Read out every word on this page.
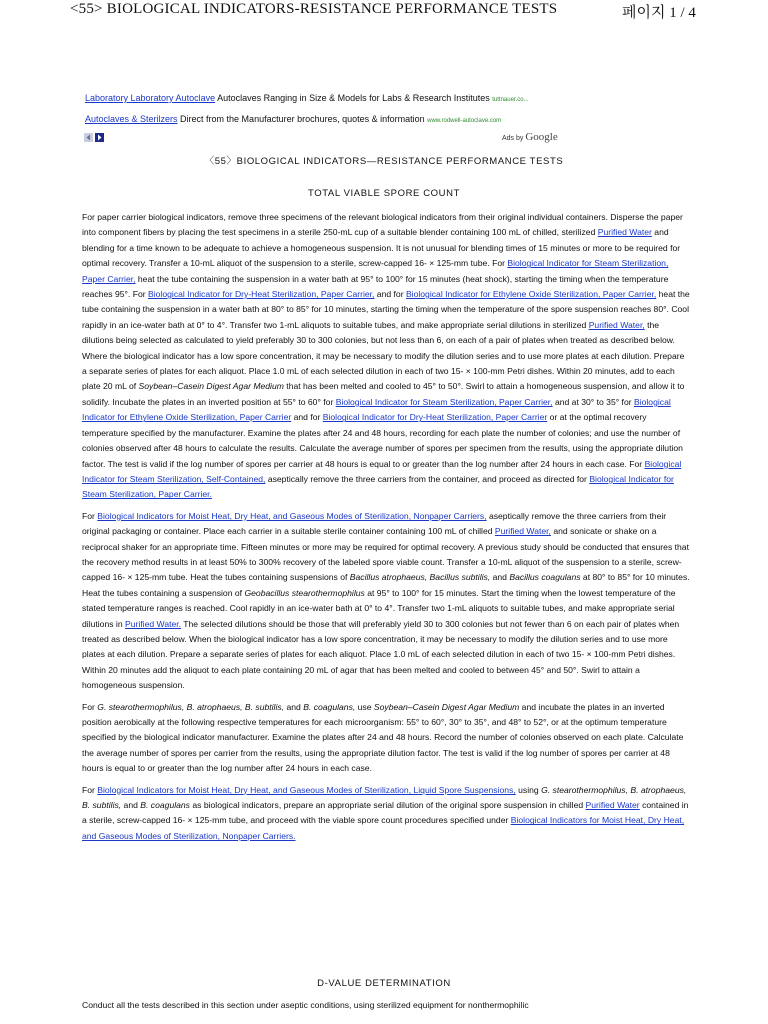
<55> BIOLOGICAL INDICATORS-RESISTANCE PERFORMANCE TESTS	페이지 1 / 4
Laboratory Laboratory Autoclave Autoclaves Ranging in Size & Models for Labs & Research Institutes tuttnauer.co...
Autoclaves & Sterilzers Direct from the Manufacturer brochures, quotes & information www.rodwell-autoclave.com
Ads by Google
〈55〉BIOLOGICAL INDICATORS—RESISTANCE PERFORMANCE TESTS
TOTAL VIABLE SPORE COUNT

For paper carrier biological indicators, remove three specimens of the relevant biological indicators from their original individual containers. Disperse the paper into component fibers by placing the test specimens in a sterile 250-mL cup of a suitable blender containing 100 mL of chilled, sterilized Purified Water and blending for a time known to be adequate to achieve a homogeneous suspension. It is not unusual for blending times of 15 minutes or more to be required for optimal recovery. Transfer a 10-mL aliquot of the suspension to a sterile, screw-capped 16- × 125-mm tube. For Biological Indicator for Steam Sterilization, Paper Carrier, heat the tube containing the suspension in a water bath at 95° to 100° for 15 minutes (heat shock), starting the timing when the temperature reaches 95°. For Biological Indicator for Dry-Heat Sterilization, Paper Carrier, and for Biological Indicator for Ethylene Oxide Sterilization, Paper Carrier, heat the tube containing the suspension in a water bath at 80° to 85° for 10 minutes, starting the timing when the temperature of the spore suspension reaches 80°. Cool rapidly in an ice-water bath at 0° to 4°. Transfer two 1-mL aliquots to suitable tubes, and make appropriate serial dilutions in sterilized Purified Water, the dilutions being selected as calculated to yield preferably 30 to 300 colonies, but not less than 6, on each of a pair of plates when treated as described below. Where the biological indicator has a low spore concentration, it may be necessary to modify the dilution series and to use more plates at each dilution. Prepare a separate series of plates for each aliquot. Place 1.0 mL of each selected dilution in each of two 15- × 100-mm Petri dishes. Within 20 minutes, add to each plate 20 mL of Soybean–Casein Digest Agar Medium that has been melted and cooled to 45° to 50°. Swirl to attain a homogeneous suspension, and allow it to solidify. Incubate the plates in an inverted position at 55° to 60° for Biological Indicator for Steam Sterilization, Paper Carrier, and at 30° to 35° for Biological Indicator for Ethylene Oxide Sterilization, Paper Carrier and for Biological Indicator for Dry-Heat Sterilization, Paper Carrier or at the optimal recovery temperature specified by the manufacturer. Examine the plates after 24 and 48 hours, recording for each plate the number of colonies; and use the number of colonies observed after 48 hours to calculate the results. Calculate the average number of spores per specimen from the results, using the appropriate dilution factor. The test is valid if the log number of spores per carrier at 48 hours is equal to or greater than the log number after 24 hours in each case. For Biological Indicator for Steam Sterilization, Self-Contained, aseptically remove the three carriers from the container, and proceed as directed for Biological Indicator for Steam Sterilization, Paper Carrier.

For Biological Indicators for Moist Heat, Dry Heat, and Gaseous Modes of Sterilization, Nonpaper Carriers, aseptically remove the three carriers from their original packaging or container. Place each carrier in a suitable sterile container containing 100 mL of chilled Purified Water, and sonicate or shake on a reciprocal shaker for an appropriate time. Fifteen minutes or more may be required for optimal recovery. A previous study should be conducted that ensures that the recovery method results in at least 50% to 300% recovery of the labeled spore viable count. Transfer a 10-mL aliquot of the suspension to a sterile, screw-capped 16- × 125-mm tube. Heat the tubes containing suspensions of Bacillus atrophaeus, Bacillus subtilis, and Bacillus coagulans at 80° to 85° for 10 minutes. Heat the tubes containing a suspension of Geobacillus stearothermophilus at 95° to 100° for 15 minutes. Start the timing when the lowest temperature of the stated temperature ranges is reached. Cool rapidly in an ice-water bath at 0° to 4°. Transfer two 1-mL aliquots to suitable tubes, and make appropriate serial dilutions in Purified Water. The selected dilutions should be those that will preferably yield 30 to 300 colonies but not fewer than 6 on each pair of plates when treated as described below. When the biological indicator has a low spore concentration, it may be necessary to modify the dilution series and to use more plates at each dilution. Prepare a separate series of plates for each aliquot. Place 1.0 mL of each selected dilution in each of two 15- × 100-mm Petri dishes. Within 20 minutes add the aliquot to each plate containing 20 mL of agar that has been melted and cooled to between 45° and 50°. Swirl to attain a homogeneous suspension.

For G. stearothermophilus, B. atrophaeus, B. subtilis, and B. coagulans, use Soybean–Casein Digest Agar Medium and incubate the plates in an inverted position aerobically at the following respective temperatures for each microorganism: 55° to 60°, 30° to 35°, and 48° to 52°, or at the optimum temperature specified by the biological indicator manufacturer. Examine the plates after 24 and 48 hours. Record the number of colonies observed on each plate. Calculate the average number of spores per carrier from the results, using the appropriate dilution factor. The test is valid if the log number of spores per carrier at 48 hours is equal to or greater than the log number after 24 hours in each case.

For Biological Indicators for Moist Heat, Dry Heat, and Gaseous Modes of Sterilization, Liquid Spore Suspensions, using G. stearothermophilus, B. atrophaeus, B. subtilis, and B. coagulans as biological indicators, prepare an appropriate serial dilution of the original spore suspension in chilled Purified Water contained in a sterile, screw-capped 16- × 125-mm tube, and proceed with the viable spore count procedures specified under Biological Indicators for Moist Heat, Dry Heat, and Gaseous Modes of Sterilization, Nonpaper Carriers.

D-VALUE DETERMINATION
Conduct all the tests described in this section under aseptic conditions, using sterilized equipment for nonthermophilic
